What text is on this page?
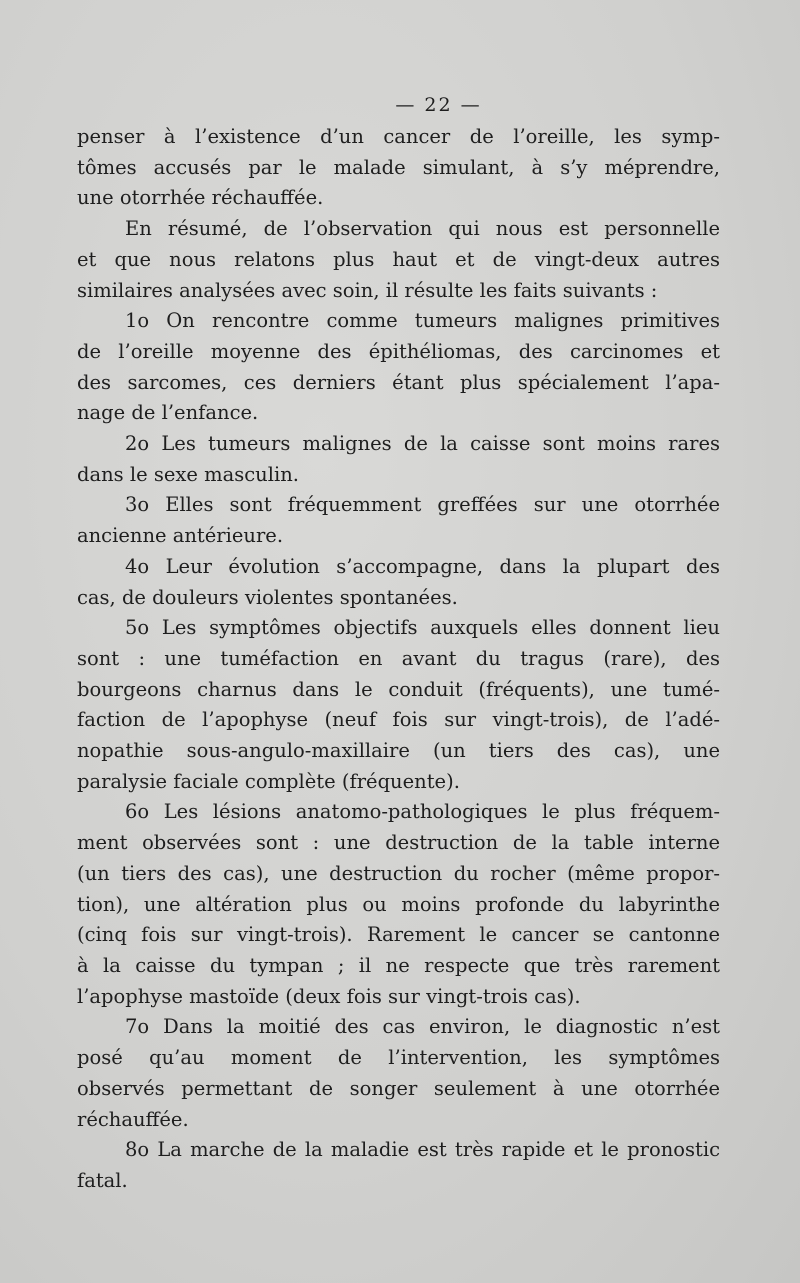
— 22 —
penser à l’existence d’un cancer de l’oreille, les symp-
tômes accusés par le malade simulant, à s’y méprendre,
une otorrhée réchauffée.
En résumé, de l’observation qui nous est personnelle
et que nous relatons plus haut et de vingt-deux autres
similaires analysées avec soin, il résulte les faits suivants :
1o On rencontre comme tumeurs malignes primitives
de l’oreille moyenne des épithéliomas, des carcinomes et
des sarcomes, ces derniers étant plus spécialement l’apa-
nage de l’enfance.
2o Les tumeurs malignes de la caisse sont moins rares
dans le sexe masculin.
3o Elles sont fréquemment greffées sur une otorrhée
ancienne antérieure.
4o Leur évolution s’accompagne, dans la plupart des
cas, de douleurs violentes spontanées.
5o Les symptômes objectifs auxquels elles donnent lieu
sont : une tuméfaction en avant du tragus (rare), des
bourgeons charnus dans le conduit (fréquents), une tumé-
faction de l’apophyse (neuf fois sur vingt-trois), de l’adé-
nopathie sous-angulo-maxillaire (un tiers des cas), une
paralysie faciale complète (fréquente).
6o Les lésions anatomo-pathologiques le plus fréquem-
ment observées sont : une destruction de la table interne
(un tiers des cas), une destruction du rocher (même propor-
tion), une altération plus ou moins profonde du labyrinthe
(cinq fois sur vingt-trois). Rarement le cancer se cantonne
à la caisse du tympan ; il ne respecte que très rarement
l’apophyse mastoïde (deux fois sur vingt-trois cas).
7o Dans la moitié des cas environ, le diagnostic n’est
posé qu’au moment de l’intervention, les symptômes
observés permettant de songer seulement à une otorrhée
réchauffée.
8o La marche de la maladie est très rapide et le pronostic
fatal.
